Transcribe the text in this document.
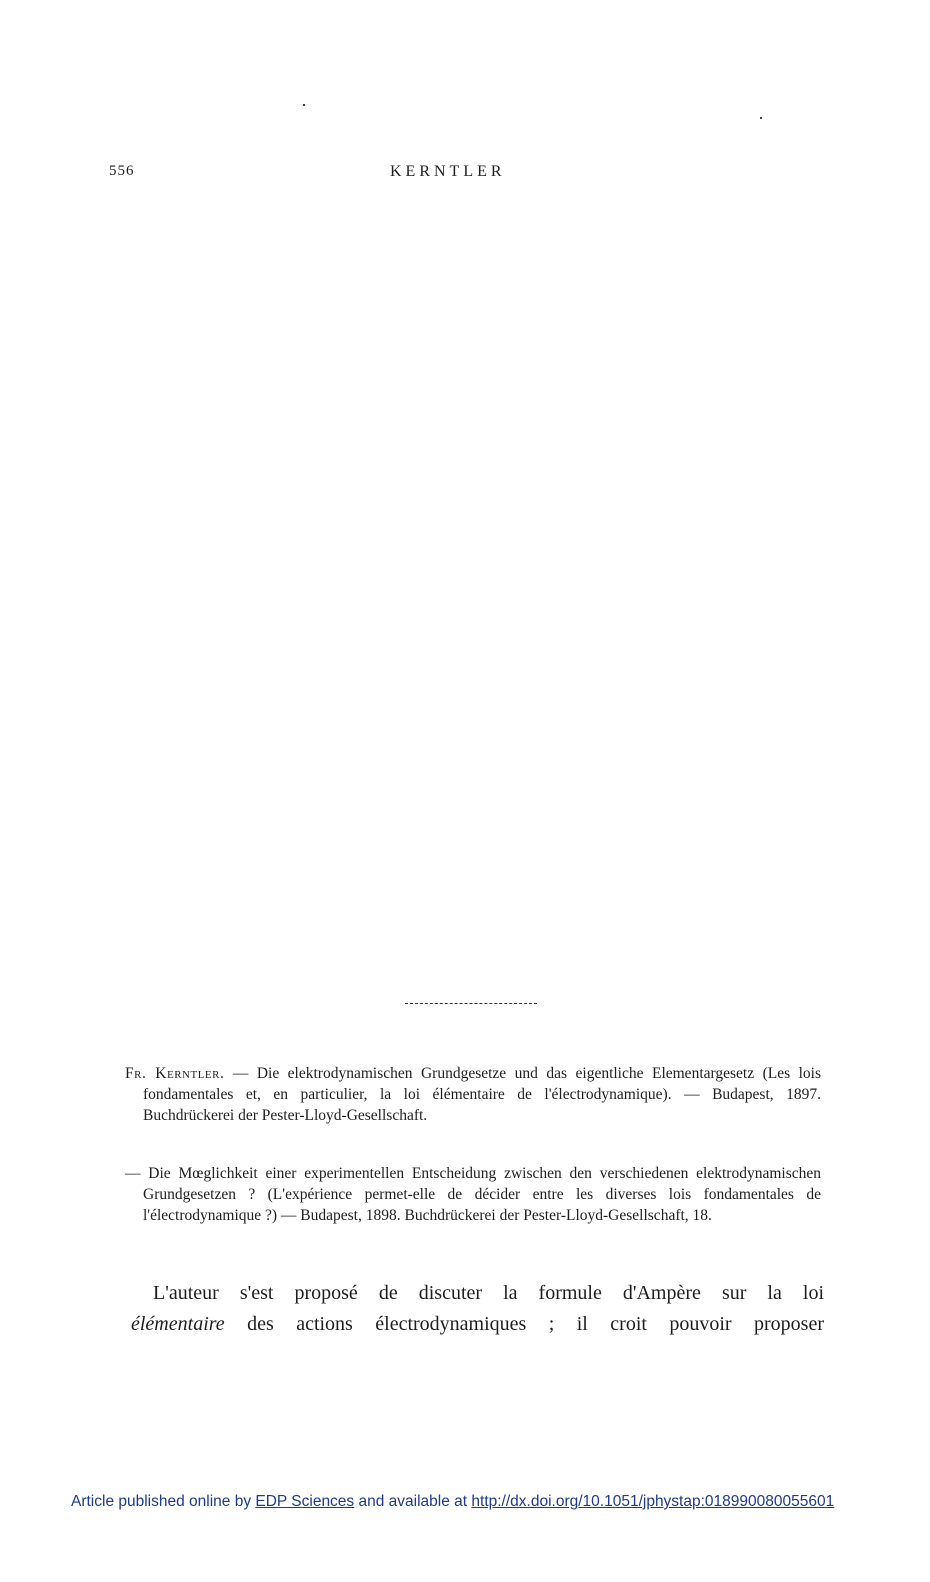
556	KERNTLER
Fr. Kerntler. — Die elektrodynamischen Grundgesetze und das eigentliche Elementargesetz (Les lois fondamentales et, en particulier, la loi élémentaire de l'électrodynamique). — Budapest, 1897. Buchdrückerei der Pester-Lloyd-Gesellschaft.
— Die Mœglichkeit einer experimentellen Entscheidung zwischen den verschiedenen elektrodynamischen Grundgesetzen ? (L'expérience permet-elle de décider entre les diverses lois fondamentales de l'électrodynamique ?) — Budapest, 1898. Buchdrückerei der Pester-Lloyd-Gesellschaft, 18.
L'auteur s'est proposé de discuter la formule d'Ampère sur la loi
élémentaire des actions électrodynamiques ; il croit pouvoir proposer
Article published online by EDP Sciences and available at http://dx.doi.org/10.1051/jphystap:018990080055601
